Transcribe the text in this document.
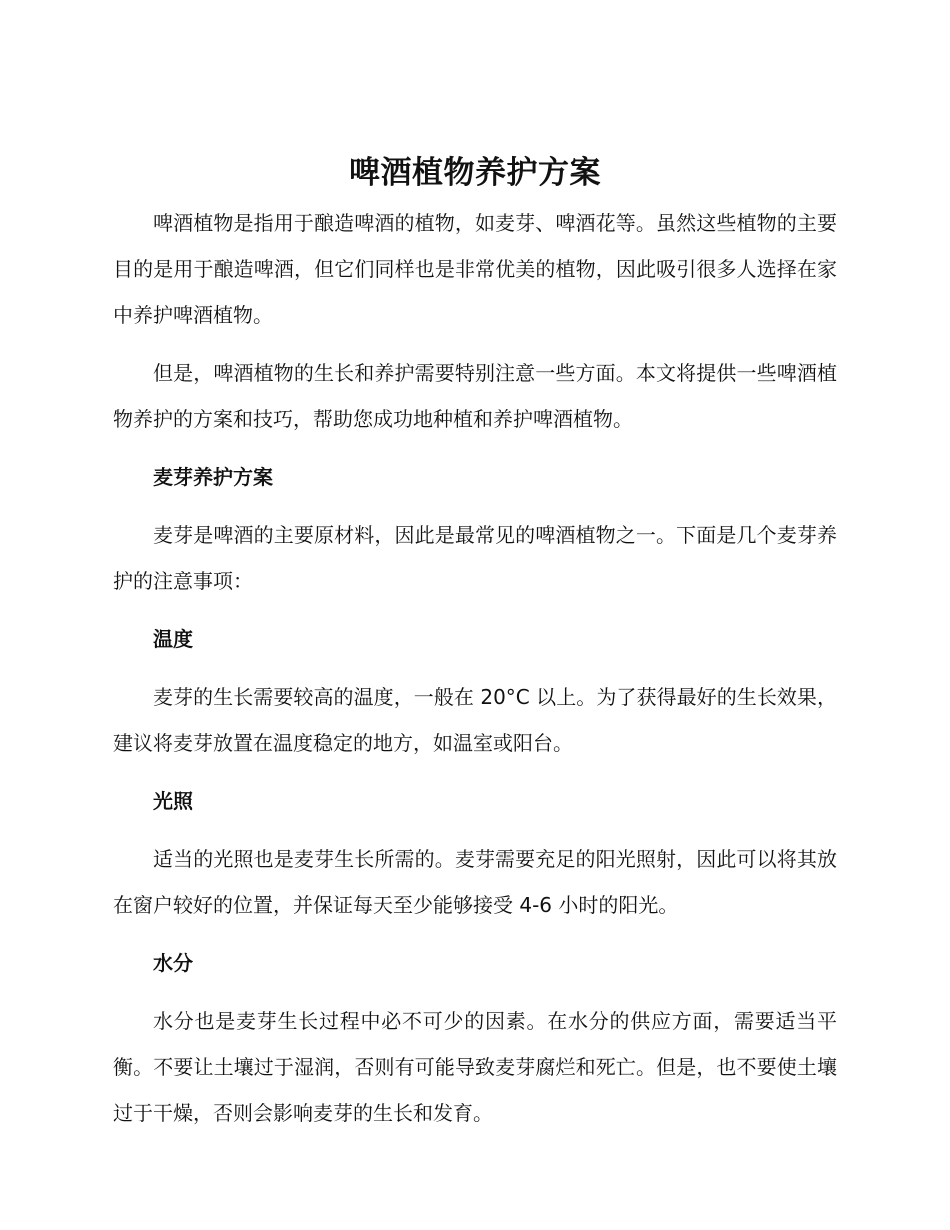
啤酒植物养护方案

啤酒植物是指用于酿造啤酒的植物，如麦芽、啤酒花等。虽然这些植物的主要目的是用于酿造啤酒，但它们同样也是非常优美的植物，因此吸引很多人选择在家中养护啤酒植物。

但是，啤酒植物的生长和养护需要特别注意一些方面。本文将提供一些啤酒植物养护的方案和技巧，帮助您成功地种植和养护啤酒植物。

麦芽养护方案

麦芽是啤酒的主要原材料，因此是最常见的啤酒植物之一。下面是几个麦芽养护的注意事项：

温度

麦芽的生长需要较高的温度，一般在 20°C 以上。为了获得最好的生长效果，建议将麦芽放置在温度稳定的地方，如温室或阳台。

光照

适当的光照也是麦芽生长所需的。麦芽需要充足的阳光照射，因此可以将其放在窗户较好的位置，并保证每天至少能够接受 4-6 小时的阳光。

水分

水分也是麦芽生长过程中必不可少的因素。在水分的供应方面，需要适当平衡。不要让土壤过于湿润，否则有可能导致麦芽腐烂和死亡。但是，也不要使土壤过于干燥，否则会影响麦芽的生长和发育。
